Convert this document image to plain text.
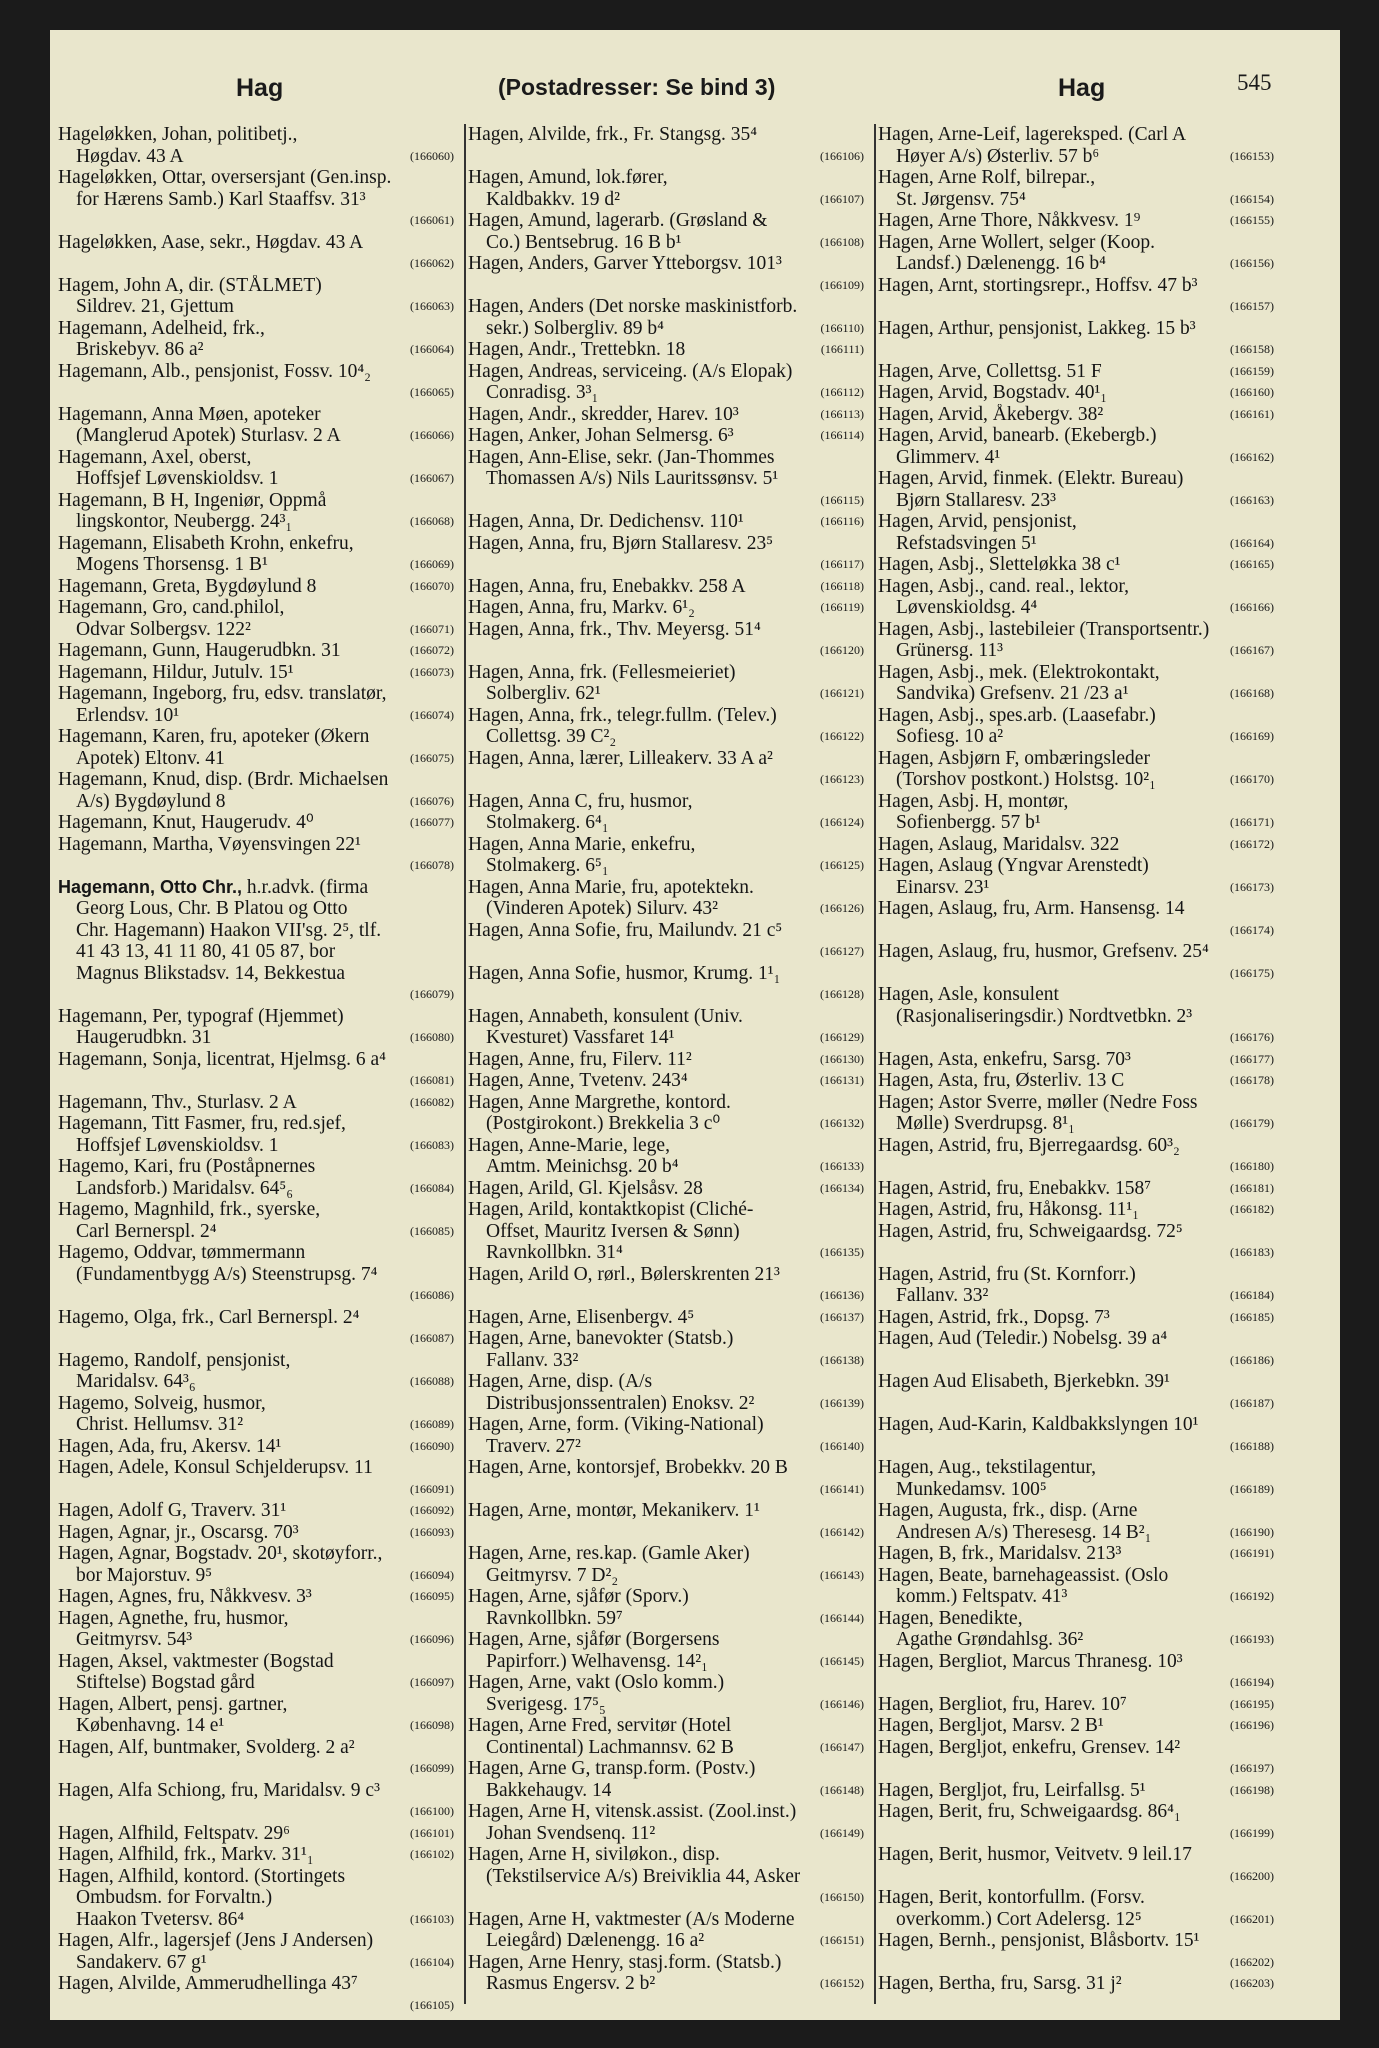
Hag	(Postadresser: Se bind 3)	Hag	545
Hageløkken, Johan, politibetj.,
Høgdav. 43 A	(166060)
Hageløkken, Ottar, oversersjant (Gen.insp.
for Hærens Samb.) Karl Staaffsv. 31³
(166061)
Hageløkken, Aase, sekr., Høgdav. 43 A
(166062)
Hagem, John A, dir. (STÅLMET)
Sildrev. 21, Gjettum	(166063)
Hagemann, Adelheid, frk.,
Briskebyv. 86 a²	(166064)
Hagemann, Alb., pensjonist, Fossv. 10⁴₂
(166065)
Hagemann, Anna Møen, apoteker
(Manglerud Apotek) Sturlasv. 2 A	(166066)
Hagemann, Axel, oberst,
Hoffsjef Løvenskioldsv. 1	(166067)
Hagemann, B H, Ingeniør, Oppmå
lingskontor, Neubergg. 24³₁	(166068)
Hagemann, Elisabeth Krohn, enkefru,
Mogens Thorsensg. 1 B¹	(166069)
Hagemann, Greta, Bygdøylund 8	(166070)
Hagemann, Gro, cand.philol,
Odvar Solbergsv. 122²	(166071)
Hagemann, Gunn, Haugerudbkn. 31	(166072)
Hagemann, Hildur, Jutulv. 15¹	(166073)
Hagemann, Ingeborg, fru, edsv. translatør,
Erlendsv. 10¹	(166074)
Hagemann, Karen, fru, apoteker (Økern
Apotek) Eltonv. 41	(166075)
Hagemann, Knud, disp. (Brdr. Michaelsen
A/s) Bygdøylund 8	(166076)
Hagemann, Knut, Haugerudv. 4⁰	(166077)
Hagemann, Martha, Vøyensvingen 22¹
(166078)
Hagemann, Otto Chr., h.r.advk. (firma
Georg Lous, Chr. B Platou og Otto
Chr. Hagemann) Haakon VII'sg. 2⁵, tlf.
41 43 13, 41 11 80, 41 05 87, bor
Magnus Blikstadsv. 14, Bekkestua
(166079)
Hagemann, Per, typograf (Hjemmet)
Haugerudbkn. 31	(166080)
Hagemann, Sonja, licentrat, Hjelmsg. 6 a⁴
(166081)
Hagemann, Thv., Sturlasv. 2 A	(166082)
Hagemann, Titt Fasmer, fru, red.sjef,
Hoffsjef Løvenskioldsv. 1	(166083)
Hagemo, Kari, fru (Poståpnernes
Landsforb.) Maridalsv. 64⁵₆	(166084)
Hagemo, Magnhild, frk., syerske,
Carl Bernerspl. 2⁴	(166085)
Hagemo, Oddvar, tømmermann
(Fundamentbygg A/s) Steenstrupsg. 7⁴
(166086)
Hagemo, Olga, frk., Carl Bernerspl. 2⁴
(166087)
Hagemo, Randolf, pensjonist,
Maridalsv. 64³₆	(166088)
Hagemo, Solveig, husmor,
Christ. Hellumsv. 31²	(166089)
Hagen, Ada, fru, Akersv. 14¹	(166090)
Hagen, Adele, Konsul Schjelderupsv. 11
(166091)
Hagen, Adolf G, Traverv. 31¹	(166092)
Hagen, Agnar, jr., Oscarsg. 70³	(166093)
Hagen, Agnar, Bogstadv. 20¹, skotøyforr.,
bor Majorstuv. 9⁵	(166094)
Hagen, Agnes, fru, Nåkkvesv. 3³	(166095)
Hagen, Agnethe, fru, husmor,
Geitmyrsv. 54³	(166096)
Hagen, Aksel, vaktmester (Bogstad
Stiftelse) Bogstad gård	(166097)
Hagen, Albert, pensj. gartner,
Københavng. 14 e¹	(166098)
Hagen, Alf, buntmaker, Svolderg. 2 a²
(166099)
Hagen, Alfa Schiong, fru, Maridalsv. 9 c³
(166100)
Hagen, Alfhild, Feltspatv. 29⁶	(166101)
Hagen, Alfhild, frk., Markv. 31¹₁	(166102)
Hagen, Alfhild, kontord. (Stortingets
Ombudsm. for Forvaltn.)
Haakon Tvetersv. 86⁴	(166103)
Hagen, Alfr., lagersjef (Jens J Andersen)
Sandakerv. 67 g¹	(166104)
Hagen, Alvilde, Ammerudhellinga 43⁷
(166105)
Hagen, Alvilde, frk., Fr. Stangsg. 35⁴
(166106)
Hagen, Amund, lok.fører,
Kaldbakkv. 19 d²	(166107)
Hagen, Amund, lagerarb. (Grøsland &
Co.) Bentsebrug. 16 B b¹	(166108)
Hagen, Anders, Garver Ytteborgsv. 101³
(166109)
Hagen, Anders (Det norske maskinistforb.
sekr.) Solbergliv. 89 b⁴	(166110)
Hagen, Andr., Trettebkn. 18	(166111)
Hagen, Andreas, serviceing. (A/s Elopak)
Conradisg. 3³₁	(166112)
Hagen, Andr., skredder, Harev. 10³	(166113)
Hagen, Anker, Johan Selmersg. 6³	(166114)
Hagen, Ann-Elise, sekr. (Jan-Thommes
Thomassen A/s) Nils Lauritssønsv. 5¹
(166115)
Hagen, Anna, Dr. Dedichensv. 110¹	(166116)
Hagen, Anna, fru, Bjørn Stallaresv. 23⁵
(166117)
Hagen, Anna, fru, Enebakkv. 258 A	(166118)
Hagen, Anna, fru, Markv. 6¹₂	(166119)
Hagen, Anna, frk., Thv. Meyersg. 51⁴
(166120)
Hagen, Anna, frk. (Fellesmeieriet)
Solbergliv. 62¹	(166121)
Hagen, Anna, frk., telegr.fullm. (Telev.)
Collettsg. 39 C²₂	(166122)
Hagen, Anna, lærer, Lilleakerv. 33 A a²
(166123)
Hagen, Anna C, fru, husmor,
Stolmakerg. 6⁴₁	(166124)
Hagen, Anna Marie, enkefru,
Stolmakerg. 6⁵₁	(166125)
Hagen, Anna Marie, fru, apotektekn.
(Vinderen Apotek) Silurv. 43²	(166126)
Hagen, Anna Sofie, fru, Mailundv. 21 c⁵
(166127)
Hagen, Anna Sofie, husmor, Krumg. 1¹₁
(166128)
Hagen, Annabeth, konsulent (Univ.
Kvesturet) Vassfaret 14¹	(166129)
Hagen, Anne, fru, Filerv. 11²	(166130)
Hagen, Anne, Tvetenv. 243⁴	(166131)
Hagen, Anne Margrethe, kontord.
(Postgirokont.) Brekkelia 3 c⁰	(166132)
Hagen, Anne-Marie, lege,
Amtm. Meinichsg. 20 b⁴	(166133)
Hagen, Arild, Gl. Kjelsåsv. 28	(166134)
Hagen, Arild, kontaktkopist (Cliché-
Offset, Mauritz Iversen & Sønn)
Ravnkollbkn. 31⁴	(166135)
Hagen, Arild O, rørl., Bølerskrenten 21³
(166136)
Hagen, Arne, Elisenbergv. 4⁵	(166137)
Hagen, Arne, banevokter (Statsb.)
Fallanv. 33²	(166138)
Hagen, Arne, disp. (A/s
Distribusjonssentralen) Enoksv. 2²	(166139)
Hagen, Arne, form. (Viking-National)
Traverv. 27²	(166140)
Hagen, Arne, kontorsjef, Brobekkv. 20 B
(166141)
Hagen, Arne, montør, Mekanikerv. 1¹
(166142)
Hagen, Arne, res.kap. (Gamle Aker)
Geitmyrsv. 7 D²₂	(166143)
Hagen, Arne, sjåfør (Sporv.)
Ravnkollbkn. 59⁷	(166144)
Hagen, Arne, sjåfør (Borgersens
Papirforr.) Welhavensg. 14²₁	(166145)
Hagen, Arne, vakt (Oslo komm.)
Sverigesg. 17⁵₅	(166146)
Hagen, Arne Fred, servitør (Hotel
Continental) Lachmannsv. 62 B	(166147)
Hagen, Arne G, transp.form. (Postv.)
Bakkehaugv. 14	(166148)
Hagen, Arne H, vitensk.assist. (Zool.inst.)
Johan Svendsenq. 11²	(166149)
Hagen, Arne H, siviløkon., disp.
(Tekstilservice A/s) Breiviklia 44, Asker
(166150)
Hagen, Arne H, vaktmester (A/s Moderne
Leiegård) Dælenengg. 16 a²	(166151)
Hagen, Arne Henry, stasj.form. (Statsb.)
Rasmus Engersv. 2 b²	(166152)
Hagen, Arne-Leif, lagereksped. (Carl A
Høyer A/s) Østerliv. 57 b⁶	(166153)
Hagen, Arne Rolf, bilrepar.,
St. Jørgensv. 75⁴	(166154)
Hagen, Arne Thore, Nåkkvesv. 1⁹	(166155)
Hagen, Arne Wollert, selger (Koop.
Landsf.) Dælenengg. 16 b⁴	(166156)
Hagen, Arnt, stortingsrepr., Hoffsv. 47 b³
(166157)
Hagen, Arthur, pensjonist, Lakkeg. 15 b³
(166158)
Hagen, Arve, Collettsg. 51 F	(166159)
Hagen, Arvid, Bogstadv. 40¹₁	(166160)
Hagen, Arvid, Åkebergv. 38²	(166161)
Hagen, Arvid, banearb. (Ekebergb.)
Glimmerv. 4¹	(166162)
Hagen, Arvid, finmek. (Elektr. Bureau)
Bjørn Stallaresv. 23³	(166163)
Hagen, Arvid, pensjonist,
Refstadsvingen 5¹	(166164)
Hagen, Asbj., Sletteløkka 38 c¹	(166165)
Hagen, Asbj., cand. real., lektor,
Løvenskioldsg. 4⁴	(166166)
Hagen, Asbj., lastebileier (Transportsentr.)
Grünersg. 11³	(166167)
Hagen, Asbj., mek. (Elektrokontakt,
Sandvika) Grefsenv. 21 /23 a¹	(166168)
Hagen, Asbj., spes.arb. (Laasefabr.)
Sofiesg. 10 a²	(166169)
Hagen, Asbjørn F, ombæringsleder
(Torshov postkont.) Holstsg. 10²₁	(166170)
Hagen, Asbj. H, montør,
Sofienbergg. 57 b¹	(166171)
Hagen, Aslaug, Maridalsv. 322	(166172)
Hagen, Aslaug (Yngvar Arenstedt)
Einarsv. 23¹	(166173)
Hagen, Aslaug, fru, Arm. Hansensg. 14
(166174)
Hagen, Aslaug, fru, husmor, Grefsenv. 25⁴
(166175)
Hagen, Asle, konsulent
(Rasjonaliseringsdir.) Nordtvetbkn. 2³
(166176)
Hagen, Asta, enkefru, Sarsg. 70³	(166177)
Hagen, Asta, fru, Østerliv. 13 C	(166178)
Hagen; Astor Sverre, møller (Nedre Foss
Mølle) Sverdrupsg. 8¹₁	(166179)
Hagen, Astrid, fru, Bjerregaardsg. 60³₂
(166180)
Hagen, Astrid, fru, Enebakkv. 158⁷	(166181)
Hagen, Astrid, fru, Håkonsg. 11¹₁	(166182)
Hagen, Astrid, fru, Schweigaardsg. 72⁵
(166183)
Hagen, Astrid, fru (St. Kornforr.)
Fallanv. 33²	(166184)
Hagen, Astrid, frk., Dopsg. 7³	(166185)
Hagen, Aud (Teledir.) Nobelsg. 39 a⁴
(166186)
Hagen Aud Elisabeth, Bjerkebkn. 39¹
(166187)
Hagen, Aud-Karin, Kaldbakkslyngen 10¹
(166188)
Hagen, Aug., tekstilagentur,
Munkedamsv. 100⁵	(166189)
Hagen, Augusta, frk., disp. (Arne
Andresen A/s) Theresesg. 14 B²₁	(166190)
Hagen, B, frk., Maridalsv. 213³	(166191)
Hagen, Beate, barnehageassist. (Oslo
komm.) Feltspatv. 41³	(166192)
Hagen, Benedikte,
Agathe Grøndahlsg. 36²	(166193)
Hagen, Bergliot, Marcus Thranesg. 10³
(166194)
Hagen, Bergliot, fru, Harev. 10⁷	(166195)
Hagen, Bergljot, Marsv. 2 B¹	(166196)
Hagen, Bergljot, enkefru, Grensev. 14²
(166197)
Hagen, Bergljot, fru, Leirfallsg. 5¹	(166198)
Hagen, Berit, fru, Schweigaardsg. 86⁴₁
(166199)
Hagen, Berit, husmor, Veitvetv. 9 leil.17
(166200)
Hagen, Berit, kontorfullm. (Forsv.
overkomm.) Cort Adelersg. 12⁵	(166201)
Hagen, Bernh., pensjonist, Blåsbortv. 15¹
(166202)
Hagen, Bertha, fru, Sarsg. 31 j²	(166203)
